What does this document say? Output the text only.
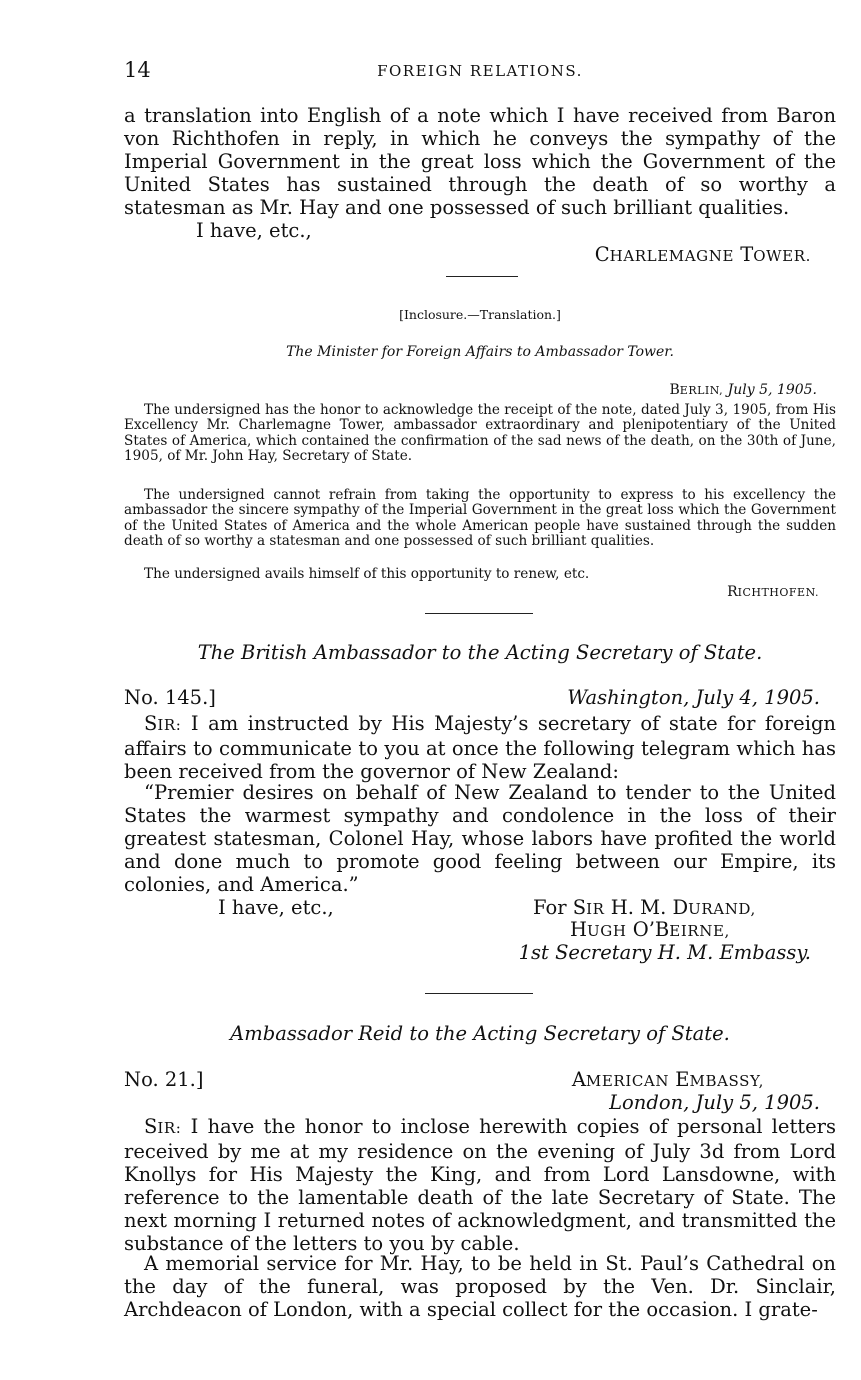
14	FOREIGN RELATIONS.

a translation into English of a note which I have received from Baron von Richthofen in reply, in which he conveys the sympathy of the Imperial Government in the great loss which the Government of the United States has sustained through the death of so worthy a statesman as Mr. Hay and one possessed of such brilliant qualities.

I have, etc.,

CHARLEMAGNE TOWER.

[Inclosure.—Translation.]

The Minister for Foreign Affairs to Ambassador Tower.

BERLIN, July 5, 1905.

The undersigned has the honor to acknowledge the receipt of the note, dated July 3, 1905, from His Excellency Mr. Charlemagne Tower, ambassador extraordinary and plenipotentiary of the United States of America, which contained the confirmation of the sad news of the death, on the 30th of June, 1905, of Mr. John Hay, Secretary of State.

The undersigned cannot refrain from taking the opportunity to express to his excellency the ambassador the sincere sympathy of the Imperial Government in the great loss which the Government of the United States of America and the whole American people have sustained through the sudden death of so worthy a statesman and one possessed of such brilliant qualities.

The undersigned avails himself of this opportunity to renew, etc.

RICHTHOFEN.

The British Ambassador to the Acting Secretary of State.

No. 145.]	Washington, July 4, 1905.

SIR: I am instructed by His Majesty’s secretary of state for foreign affairs to communicate to you at once the following telegram which has been received from the governor of New Zealand:

“Premier desires on behalf of New Zealand to tender to the United States the warmest sympathy and condolence in the loss of their greatest statesman, Colonel Hay, whose labors have profited the world and done much to promote good feeling between our Empire, its colonies, and America.”

I have, etc.,	For SIR H. M. DURAND,

HUGH O’BEIRNE,

1st Secretary H. M. Embassy.

Ambassador Reid to the Acting Secretary of State.

No. 21.]	AMERICAN EMBASSY,

London, July 5, 1905.

SIR: I have the honor to inclose herewith copies of personal letters received by me at my residence on the evening of July 3d from Lord Knollys for His Majesty the King, and from Lord Lansdowne, with reference to the lamentable death of the late Secretary of State. The next morning I returned notes of acknowledgment, and transmitted the substance of the letters to you by cable.

A memorial service for Mr. Hay, to be held in St. Paul’s Cathedral on the day of the funeral, was proposed by the Ven. Dr. Sinclair, Archdeacon of London, with a special collect for the occasion. I grate-
